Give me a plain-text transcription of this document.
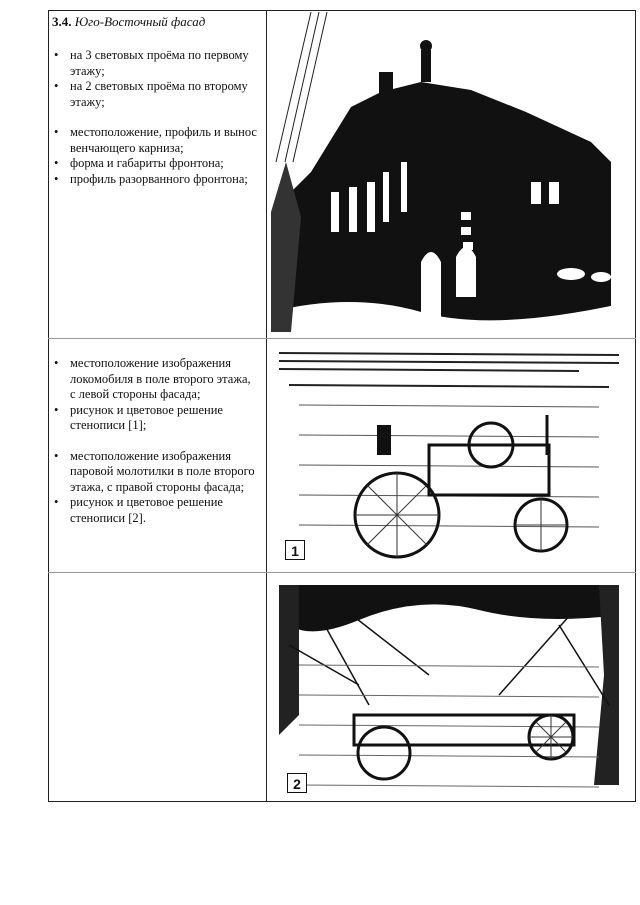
3.4. Юго-Восточный фасад
• на 3 световых проёма по первому этажу;
• на 2 световых проёма по второму этажу;
• местоположение, профиль и вынос венчающего карниза;
• форма и габариты фронтона;
• профиль разорванного фронтона;
• местоположение изображения локомобиля в поле второго этажа, с левой стороны фасада;
• рисунок и цветовое решение стенописи [1];
• местоположение изображения паровой молотилки в поле второго этажа, с правой стороны фасада;
• рисунок и цветовое решение стенописи [2].
1
2
